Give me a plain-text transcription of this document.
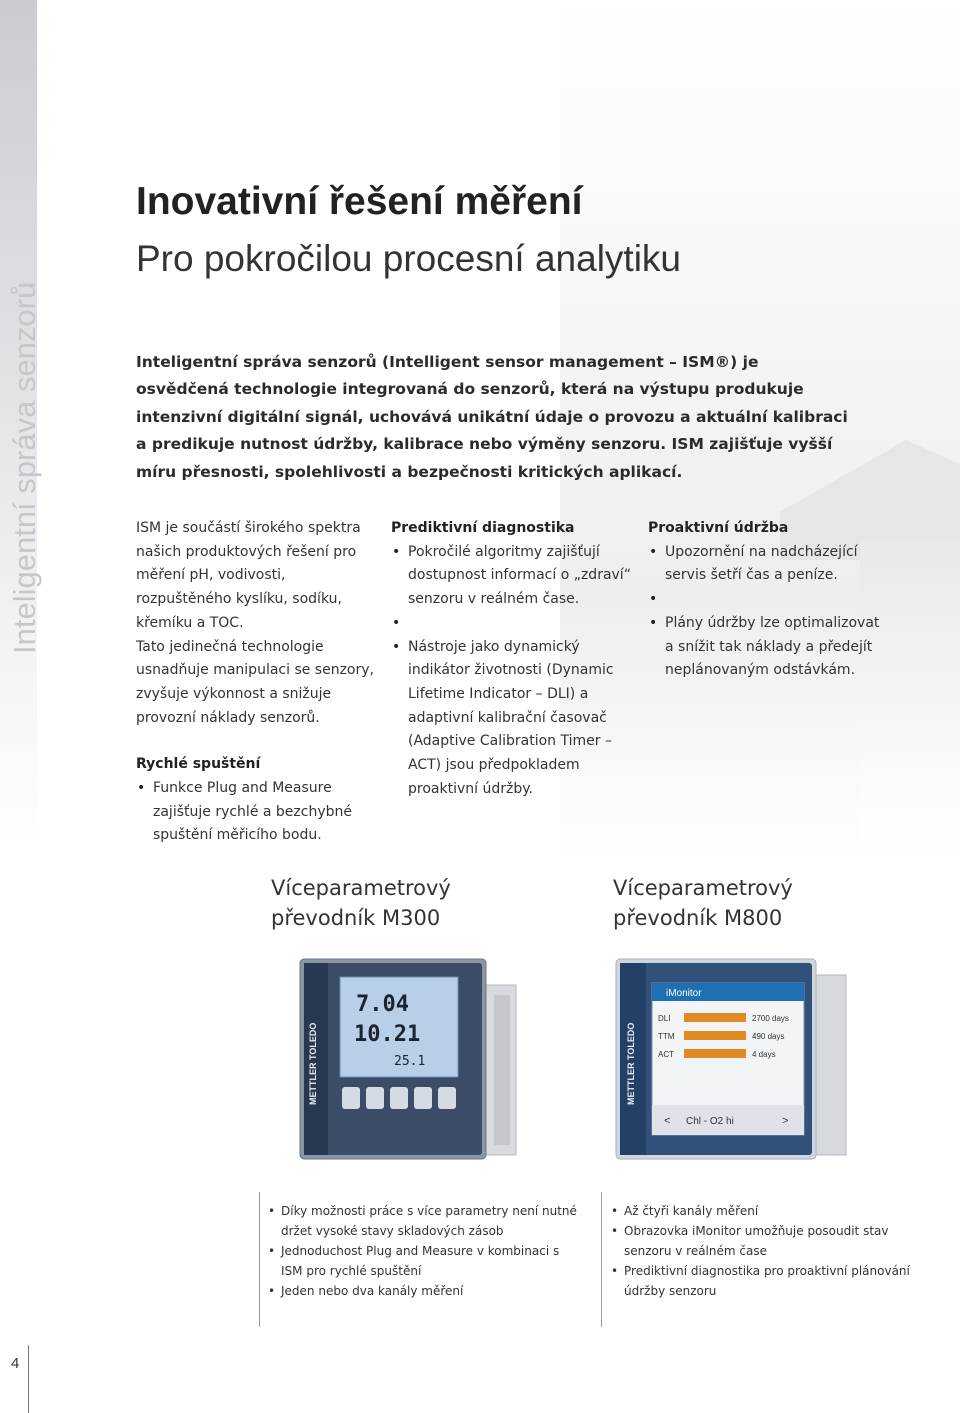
Inteligentní správa senzorů
Inovativní řešení měření

Pro pokročilou procesní analytiku

Inteligentní správa senzorů (Intelligent sensor management – ISM®) je osvědčená technologie integrovaná do senzorů, která na výstupu produkuje intenzivní digitální signál, uchovává unikátní údaje o provozu a aktuální kalibraci a predikuje nutnost údržby, kalibrace nebo výměny senzoru. ISM zajišťuje vyšší míru přesnosti, spolehlivosti a bezpečnosti kritických aplikací.

ISM je součástí širokého spektra našich produktových řešení pro měření pH, vodivosti, rozpuštěného kyslíku, sodíku, křemíku a TOC.

Tato jedinečná technologie usnadňuje manipulaci se senzory, zvyšuje výkonnost a snižuje provozní náklady senzorů.

Rychlé spuštění
• Funkce Plug and Measure zajišťuje rychlé a bezchybné spuštění měřicího bodu.
Prediktivní diagnostika
• Pokročilé algoritmy zajišťují dostupnost informací o „zdraví“ senzoru v reálném čase.
•
• Nástroje jako dynamický indikátor životnosti (Dynamic Lifetime Indicator – DLI) a adaptivní kalibrační časovač (Adaptive Calibration Timer – ACT) jsou předpokladem proaktivní údržby.
Proaktivní údržba
• Upozornění na nadcházející servis šetří čas a peníze.
•
• Plány údržby lze optimalizovat a snížit tak náklady a předejít neplánovaným odstávkám.

Víceparametrový
převodník M300

Víceparametrový
převodník M800

METTLER TOLEDO
7.04
10.21
25.1	METTLER TOLEDO
iMonitor
DLI	2700 days
TTM	490 days
ACT	4 days
< Chl - O2 hi	>
• Díky možnosti práce s více parametry není nutné držet vysoké stavy skladových zásob
• Jednoduchost Plug and Measure v kombinaci s ISM pro rychlé spuštění
• Jeden nebo dva kanály měření
• Až čtyři kanály měření
• Obrazovka iMonitor umožňuje posoudit stav senzoru v reálném čase
• Prediktivní diagnostika pro proaktivní plánování údržby senzoru
4
